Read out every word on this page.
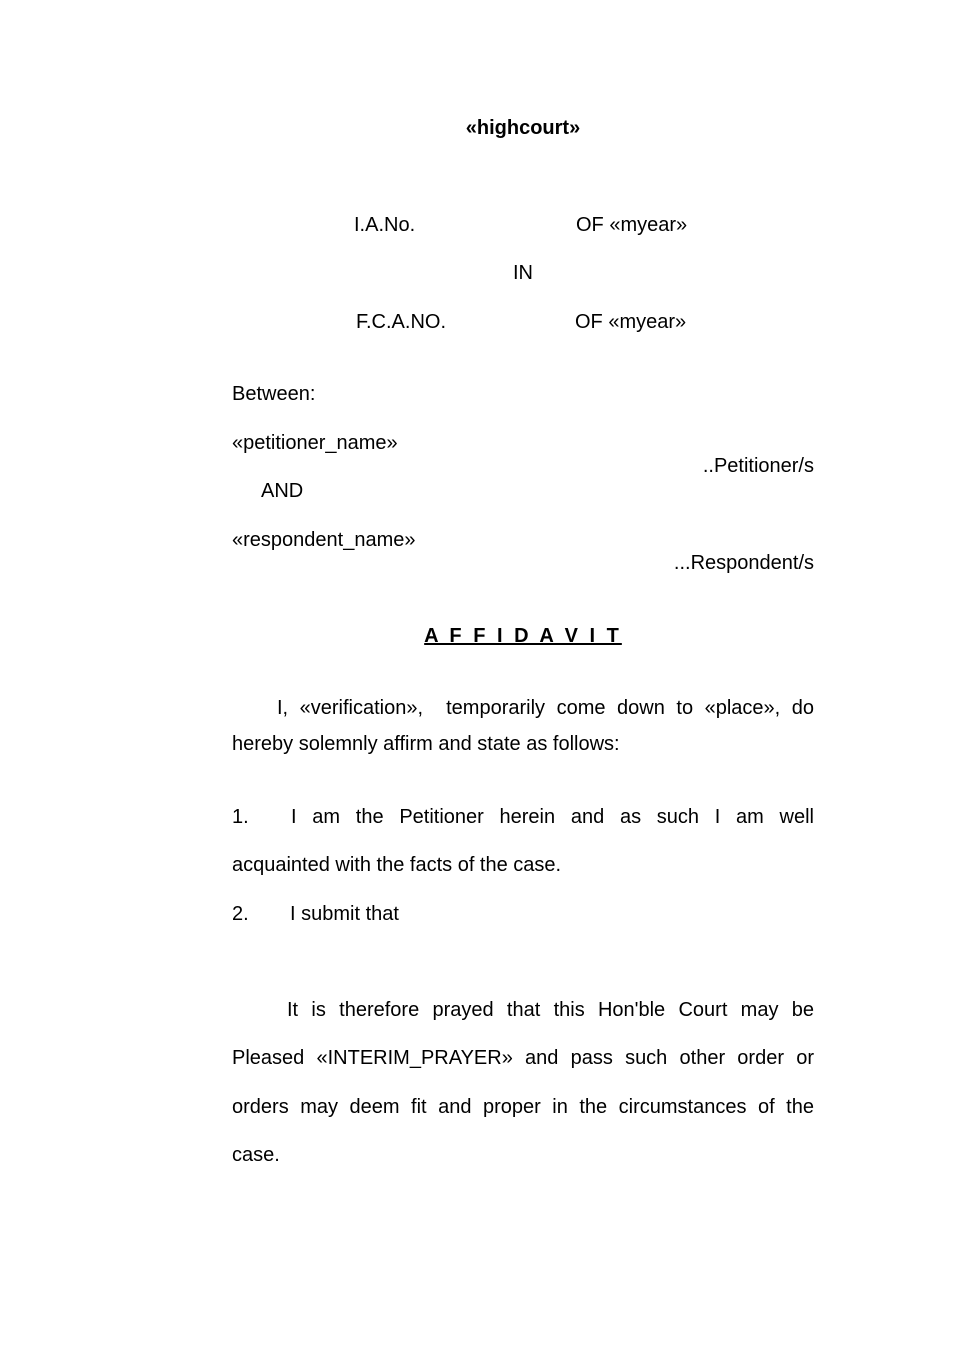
«highcourt»
I.A.No.	OF «myear»
IN
F.C.A.NO.	OF «myear»
Between:
«petitioner_name»
..Petitioner/s
AND
«respondent_name»
...Respondent/s
A F F I D A V I T
I, «verification»,  temporarily come down to «place», do
hereby solemnly affirm and state as follows:
1. I am the Petitioner herein and as such I am well
acquainted with the facts of the case.
2. I submit that
It is therefore prayed that this Hon'ble Court may be
Pleased «INTERIM_PRAYER» and pass such other order or
orders may deem fit and proper in the circumstances of the
case.
